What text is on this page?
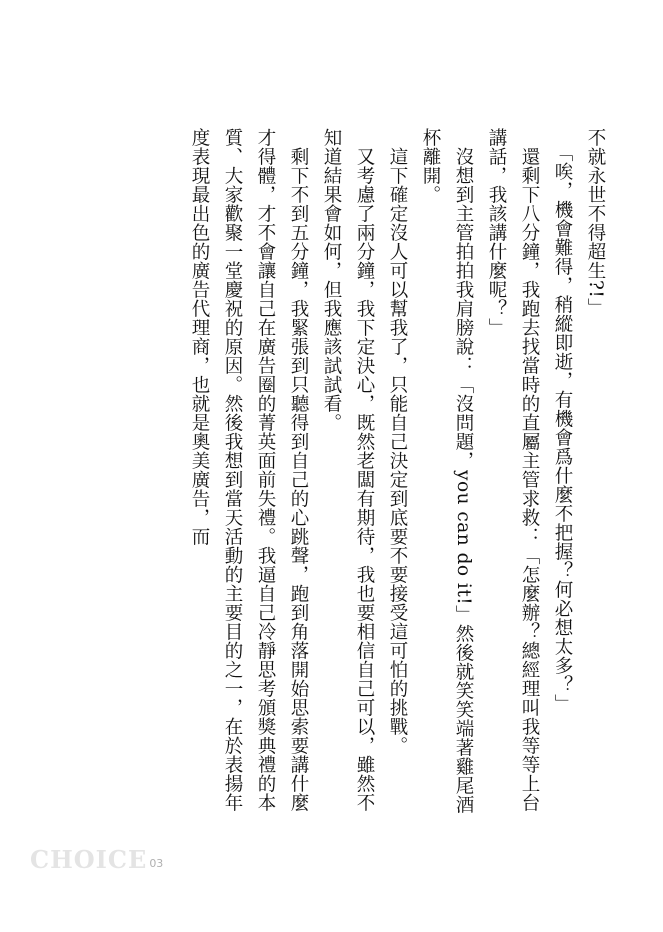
不就永世不得超生?!」

「唉，機會難得，稍縱即逝，有機會爲什麼不把握？何必想太多？」

還剩下八分鐘，我跑去找當時的直屬主管求救：「怎麼辦？總經理叫我等等上台講話，我該講什麼呢？」

沒想到主管拍拍我肩膀說：「沒問題，you can do it!」然後就笑笑端著雞尾酒杯離開。

這下確定沒人可以幫我了，只能自己決定到底要不要接受這可怕的挑戰。

又考慮了兩分鐘，我下定決心，既然老闆有期待，我也要相信自己可以，雖然不知道結果會如何，但我應該試試看。

剩下不到五分鐘，我緊張到只聽得到自己的心跳聲，跑到角落開始思索要講什麼才得體，才不會讓自己在廣告圈的菁英面前失禮。我逼自己冷靜思考頒獎典禮的本質、大家歡聚一堂慶祝的原因。然後我想到當天活動的主要目的之一，在於表揚年度表現最出色的廣告代理商，也就是奧美廣告，而

CHOICE 03
